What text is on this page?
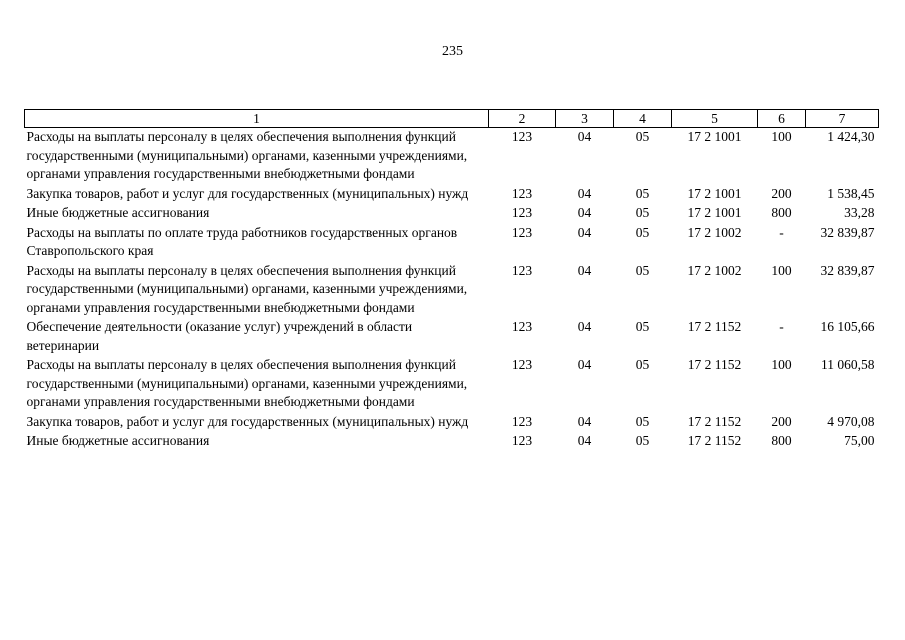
235
1	2	3	4	5	6	7
Расходы на выплаты персоналу в целях обеспечения выполнения функций государственными (муниципальными) органами, казенными учреждениями, органами управления государственными внебюджетными фондами	123	04	05	17 2 1001	100	1 424,30
Закупка товаров, работ и услуг для государственных (муниципальных) нужд	123	04	05	17 2 1001	200	1 538,45
Иные бюджетные ассигнования	123	04	05	17 2 1001	800	33,28
Расходы на выплаты по оплате труда работников государственных органов Ставропольского края	123	04	05	17 2 1002	-	32 839,87
Расходы на выплаты персоналу в целях обеспечения выполнения функций государственными (муниципальными) органами, казенными учреждениями, органами управления государственными внебюджетными фондами	123	04	05	17 2 1002	100	32 839,87
Обеспечение деятельности (оказание услуг) учреждений в области ветеринарии	123	04	05	17 2 1152	-	16 105,66
Расходы на выплаты персоналу в целях обеспечения выполнения функций государственными (муниципальными) органами, казенными учреждениями, органами управления государственными внебюджетными фондами	123	04	05	17 2 1152	100	11 060,58
Закупка товаров, работ и услуг для государственных (муниципальных) нужд	123	04	05	17 2 1152	200	4 970,08
Иные бюджетные ассигнования	123	04	05	17 2 1152	800	75,00
